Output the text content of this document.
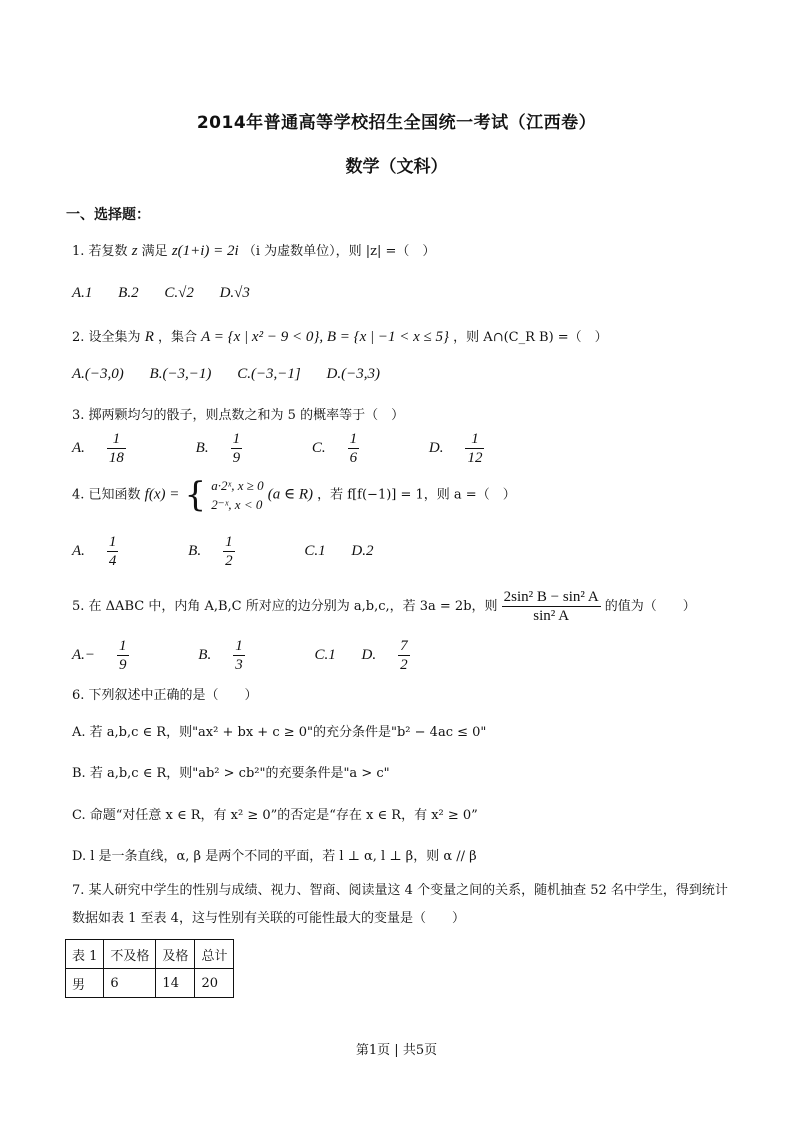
2014年普通高等学校招生全国统一考试（江西卷）
数学（文科）
一、选择题：
1. 若复数 z 满足 z(1+i) = 2i （i 为虚数单位），则 |z| =（　）
A.1 B.2 C.√2 D.√3
2. 设全集为 R ，集合 A = {x | x² − 9 < 0}, B = {x | −1 < x ≤ 5} ，则 A∩(C_R B) =（　）
A.(−3,0) B.(−3,−1) C.(−3,−1] D.(−3,3)
3. 掷两颗均匀的骰子，则点数之和为 5 的概率等于（　）
A. $\frac{1}{18}$	B. $\frac{1}{9}$	C. $\frac{1}{6}$	D. $\frac{1}{12}$
4. 已知函数 f(x) = { a·2ˣ, x ≥ 0
2⁻ˣ, x < 0
(a ∈ R) ，若 f[f(−1)] = 1，则 a =（　）
A. $\frac{1}{4}$	B. $\frac{1}{2}$	C.1 D.2
5. 在 ΔABC 中，内角 A,B,C 所对应的边分别为 a,b,c,，若 3a = 2b，则 $\frac{\text{2sin² B − sin² A}}{\text{sin² A}}$ 的值为（　　）
$A.- \frac{1}{9}$	B. $\frac{1}{3}$	C.1 D. $\frac{7}{2}$
6. 下列叙述中正确的是（　　）
A. 若 a,b,c ∈ R，则"ax² + bx + c ≥ 0"的充分条件是"b² − 4ac ≤ 0"
B. 若 a,b,c ∈ R，则"ab² > cb²"的充要条件是"a > c"
C. 命题“对任意 x ∈ R，有 x² ≥ 0”的否定是“存在 x ∈ R，有 x² ≥ 0”
D. l 是一条直线，α, β 是两个不同的平面，若 l ⊥ α, l ⊥ β，则 α // β
7. 某人研究中学生的性别与成绩、视力、智商、阅读量这 4 个变量之间的关系，随机抽查 52 名中学生，得到统计数据如表 1 至表 4，这与性别有关联的可能性最大的变量是（　　）
表 1	不及格	及格	总计
男	6	14	20
第1页 | 共5页
